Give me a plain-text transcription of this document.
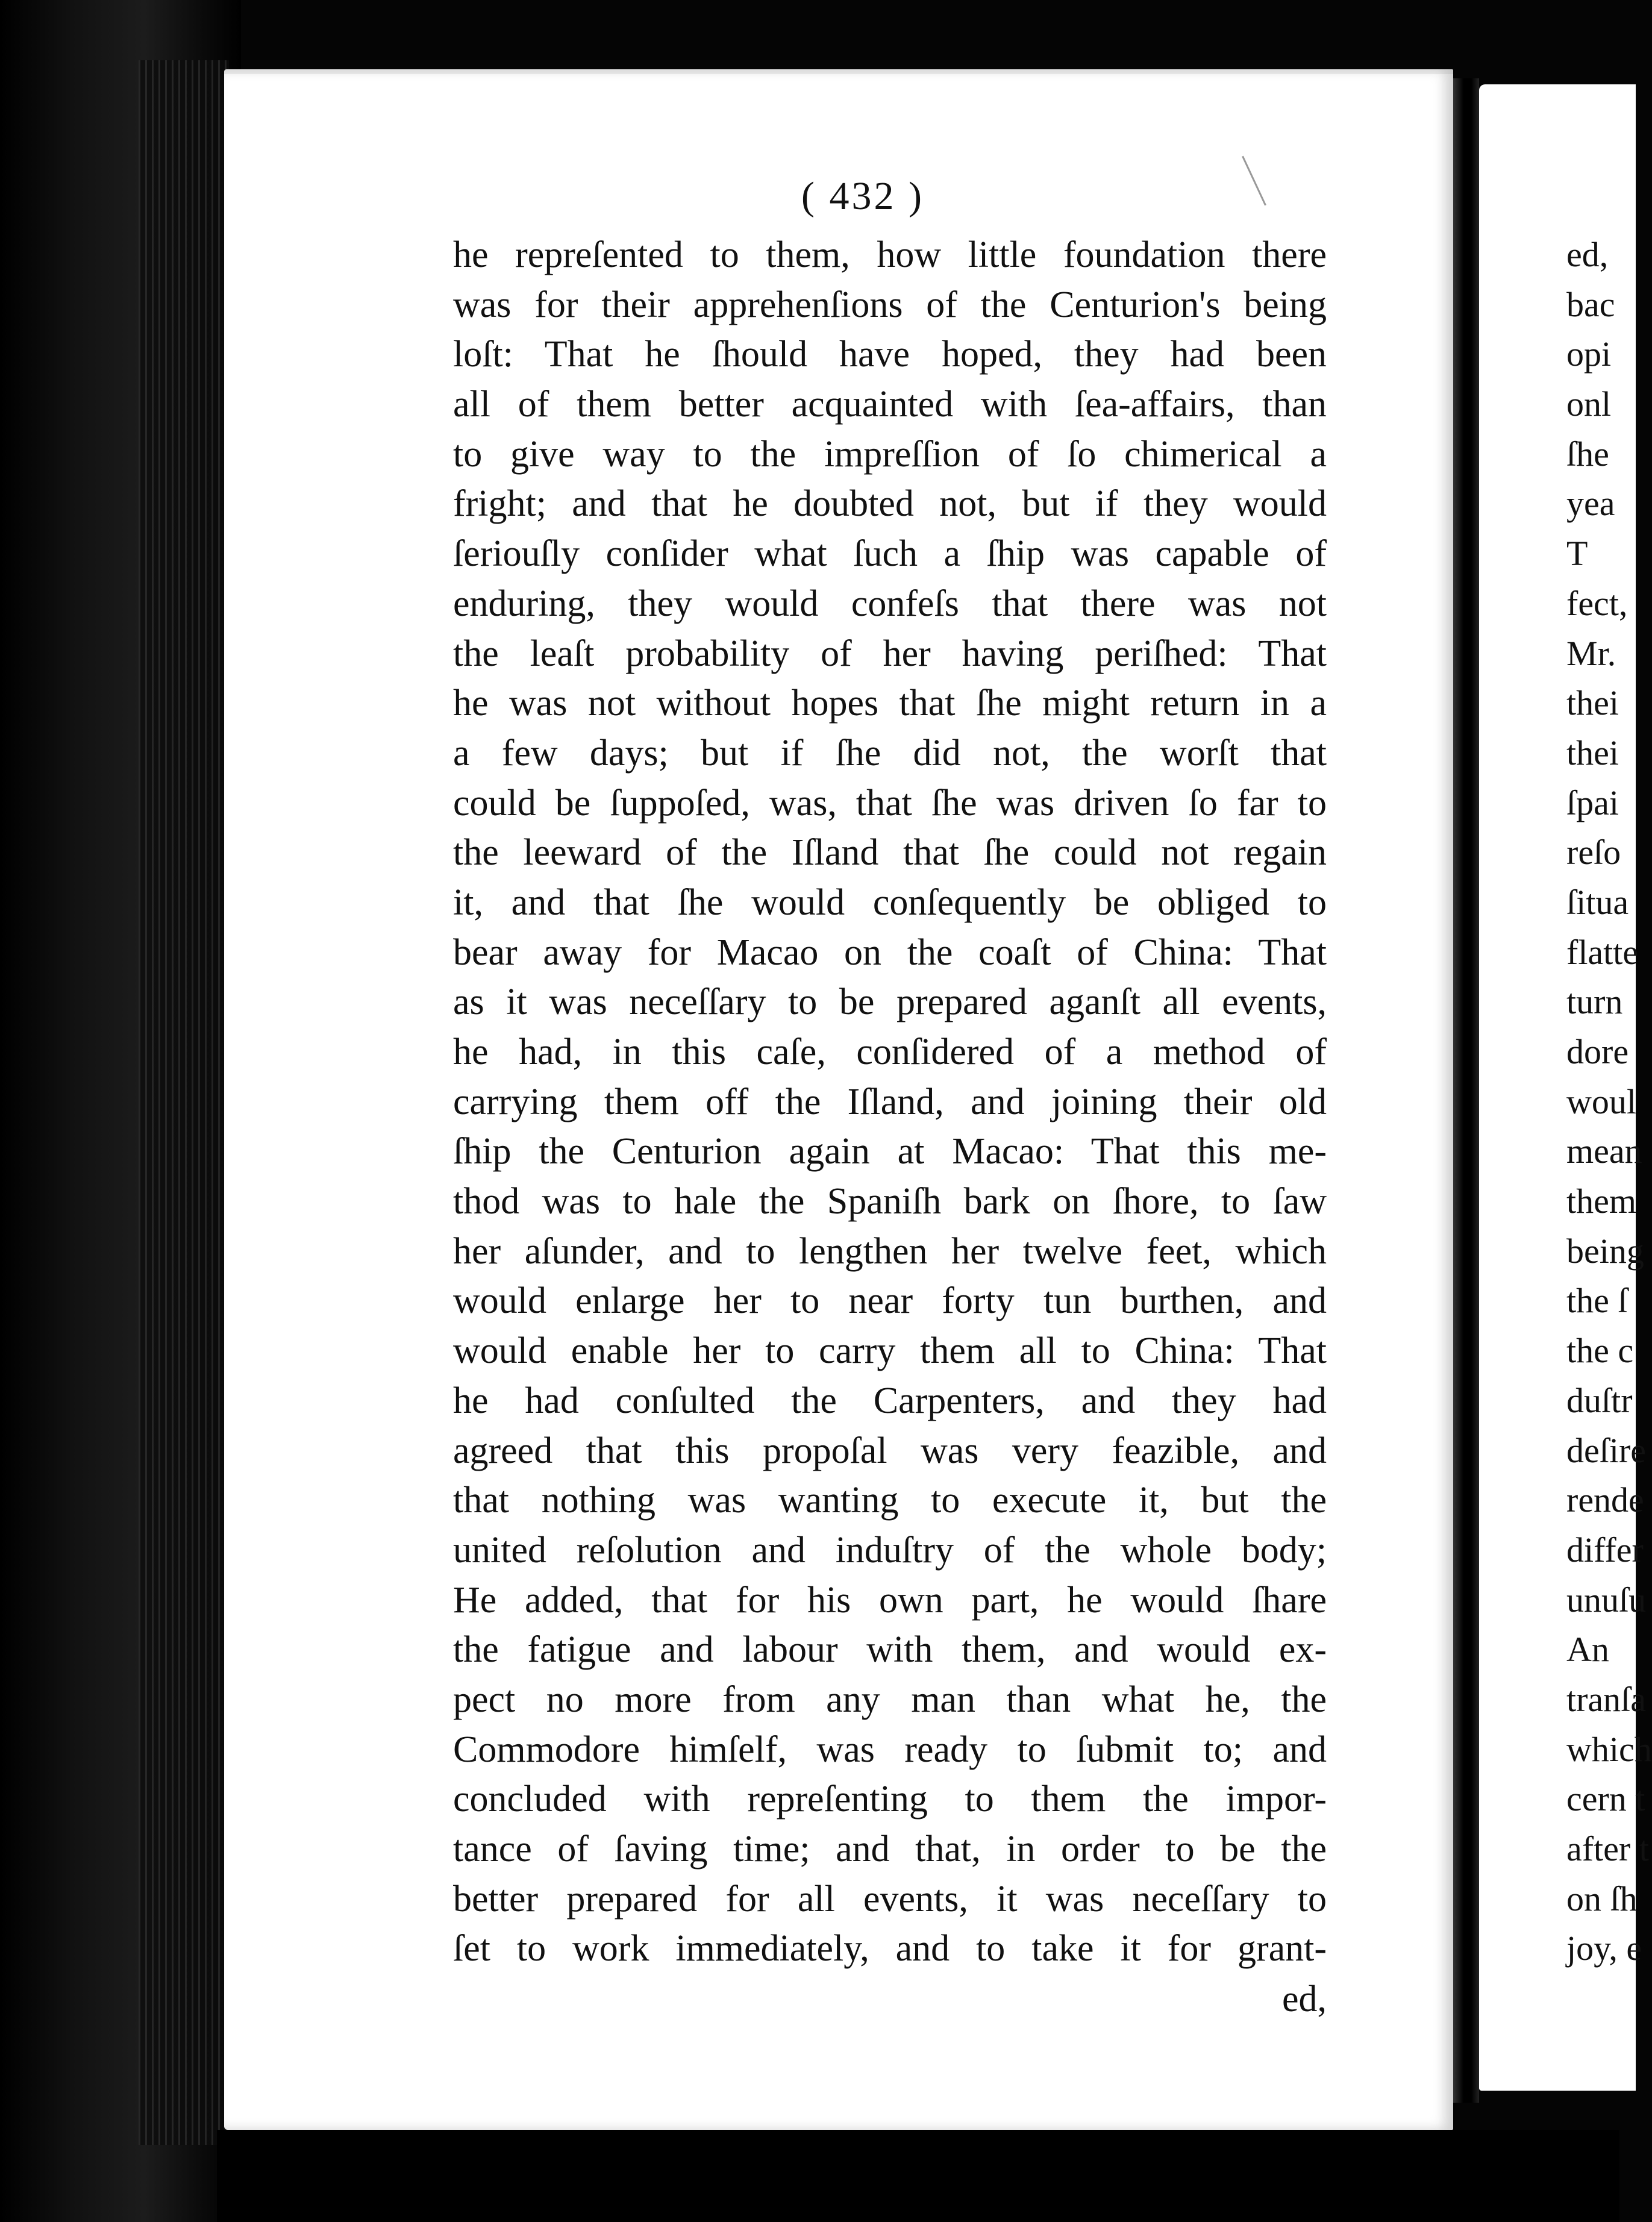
( 432 )
he repreſented to them, how little foundation there
was for their apprehenſions of the Centurion's being
loſt: That he ſhould have hoped, they had been
all of them better acquainted with ſea-affairs, than
to give way to the impreſſion of ſo chimerical a
fright; and that he doubted not, but if they would
ſeriouſly conſider what ſuch a ſhip was capable of
enduring, they would confeſs that there was not
the leaſt probability of her having periſhed: That
he was not without hopes that ſhe might return in a
a few days; but if ſhe did not, the worſt that
could be ſuppoſed, was, that ſhe was driven ſo far to
the leeward of the Iſland that ſhe could not regain
it, and that ſhe would conſequently be obliged to
bear away for Macao on the coaſt of China: That
as it was neceſſary to be prepared aganſt all events,
he had, in this caſe, conſidered of a method of
carrying them off the Iſland, and joining their old
ſhip the Centurion again at Macao: That this me-
thod was to hale the Spaniſh bark on ſhore, to ſaw
her aſunder, and to lengthen her twelve feet, which
would enlarge her to near forty tun burthen, and
would enable her to carry them all to China: That
he had conſulted the Carpenters, and they had
agreed that this propoſal was very feazible, and
that nothing was wanting to execute it, but the
united reſolution and induſtry of the whole body;
He added, that for his own part, he would ſhare
the fatigue and labour with them, and would ex-
pect no more from any man than what he, the
Commodore himſelf, was ready to ſubmit to; and
concluded with repreſenting to them the impor-
tance of ſaving time; and that, in order to be the
better prepared for all events, it was neceſſary to
ſet to work immediately, and to take it for grant-
ed,
ed,
bac
opi
onl
ſhe
yea
T
fect,
Mr.
thei
thei
ſpai
reſo
ſitua
flatte
turn
dore
woul
mean
them
being
the ſ
the c
duſtr
deſire
rende
differ
unuſu
An
tranſa
which
cern t
after t
on ſh
joy, e
